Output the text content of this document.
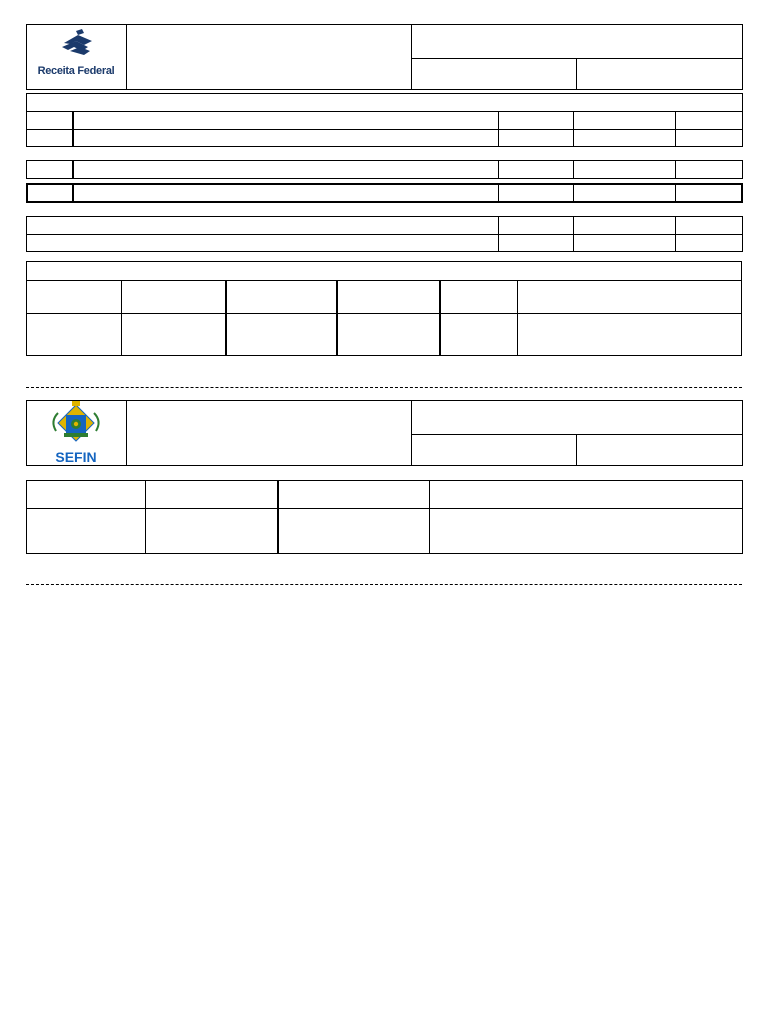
Receita Federal
SEFIN
